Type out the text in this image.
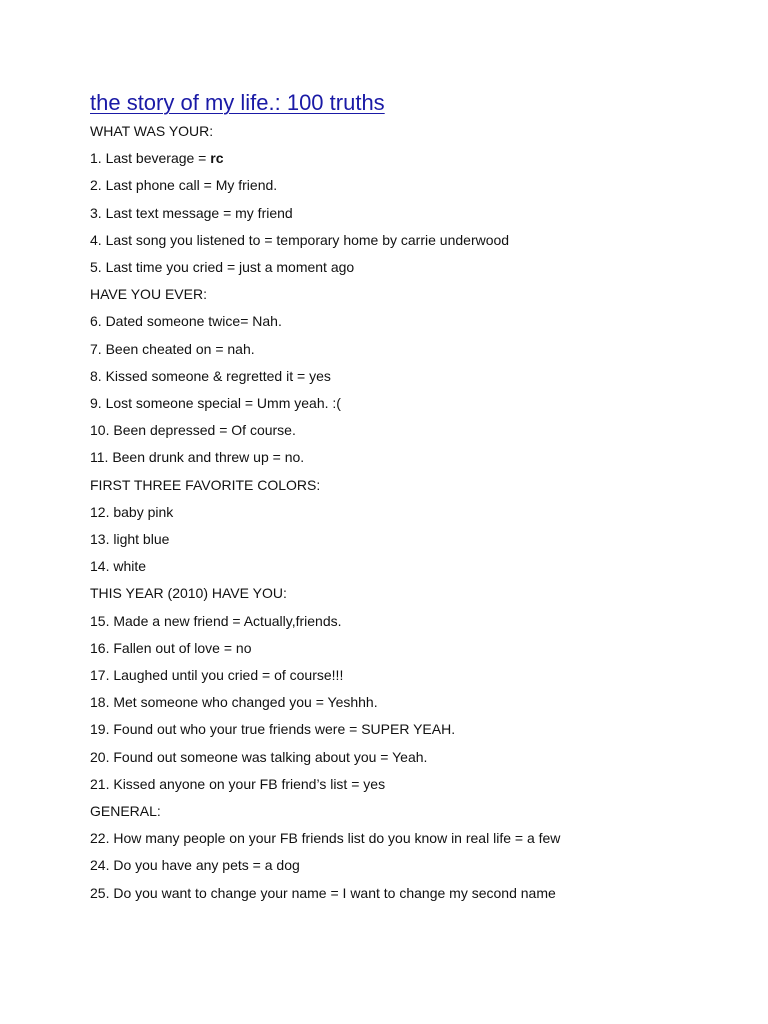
the story of my life.: 100 truths
WHAT WAS YOUR:
1. Last beverage = rc
2. Last phone call = My friend.
3. Last text message = my friend
4. Last song you listened to = temporary home by carrie underwood
5. Last time you cried = just a moment ago
HAVE YOU EVER:
6. Dated someone twice= Nah.
7. Been cheated on = nah.
8. Kissed someone & regretted it = yes
9. Lost someone special = Umm yeah. :(
10. Been depressed = Of course.
11. Been drunk and threw up = no.
FIRST THREE FAVORITE COLORS:
12. baby pink
13. light blue
14. white
THIS YEAR (2010) HAVE YOU:
15. Made a new friend = Actually,friends.
16. Fallen out of love = no
17. Laughed until you cried = of course!!!
18. Met someone who changed you = Yeshhh.
19. Found out who your true friends were = SUPER YEAH.
20. Found out someone was talking about you = Yeah.
21. Kissed anyone on your FB friend’s list = yes
GENERAL:
22. How many people on your FB friends list do you know in real life = a few
24. Do you have any pets = a dog
25. Do you want to change your name = I want to change my second name
